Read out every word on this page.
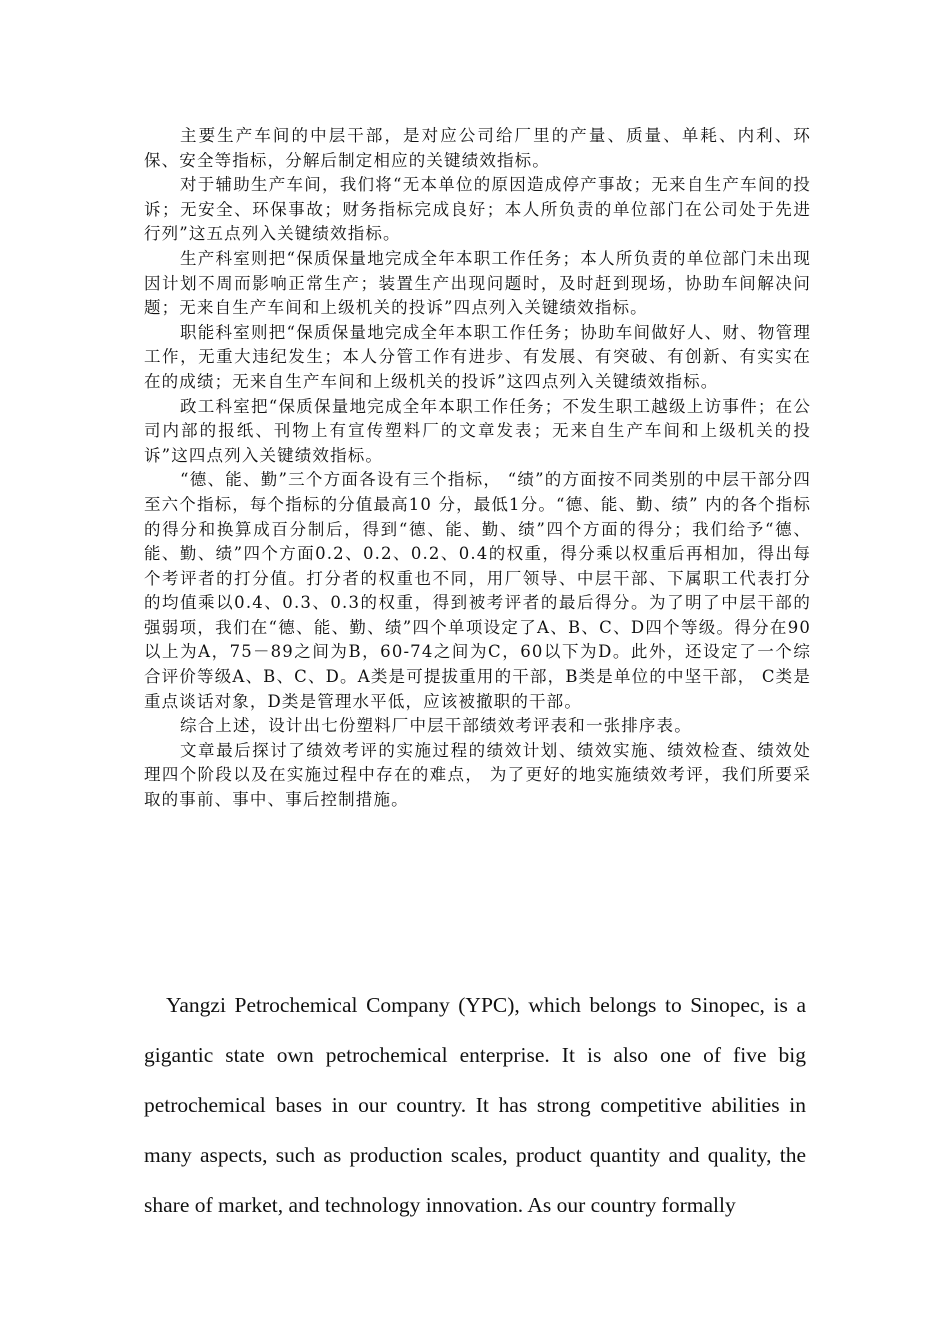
主要生产车间的中层干部，是对应公司给厂里的产量、质量、单耗、内利、环保、安全等指标，分解后制定相应的关键绩效指标。

对于辅助生产车间，我们将“无本单位的原因造成停产事故；无来自生产车间的投诉；无安全、环保事故；财务指标完成良好；本人所负责的单位部门在公司处于先进行列”这五点列入关键绩效指标。

生产科室则把“保质保量地完成全年本职工作任务；本人所负责的单位部门未出现因计划不周而影响正常生产；装置生产出现问题时，及时赶到现场，协助车间解决问题；无来自生产车间和上级机关的投诉”四点列入关键绩效指标。

职能科室则把“保质保量地完成全年本职工作任务；协助车间做好人、财、物管理工作，无重大违纪发生；本人分管工作有进步、有发展、有突破、有创新、有实实在在的成绩；无来自生产车间和上级机关的投诉”这四点列入关键绩效指标。

政工科室把“保质保量地完成全年本职工作任务；不发生职工越级上访事件；在公司内部的报纸、刊物上有宣传塑料厂的文章发表；无来自生产车间和上级机关的投诉”这四点列入关键绩效指标。

“德、能、勤”三个方面各设有三个指标， “绩”的方面按不同类别的中层干部分四至六个指标，每个指标的分值最高10 分，最低1分。“德、能、勤、绩” 内的各个指标的得分和换算成百分制后，得到“德、能、勤、绩”四个方面的得分；我们给予“德、能、勤、绩”四个方面0.2、0.2、0.2、0.4的权重，得分乘以权重后再相加，得出每个考评者的打分值。打分者的权重也不同，用厂领导、中层干部、下属职工代表打分的均值乘以0.4、0.3、0.3的权重，得到被考评者的最后得分。为了明了中层干部的强弱项，我们在“德、能、勤、绩”四个单项设定了A、B、C、D四个等级。得分在90以上为A，75－89之间为B，60-74之间为C，60以下为D。此外，还设定了一个综合评价等级A、B、C、D。A类是可提拔重用的干部，B类是单位的中坚干部， C类是重点谈话对象，D类是管理水平低，应该被撤职的干部。

综合上述，设计出七份塑料厂中层干部绩效考评表和一张排序表。

文章最后探讨了绩效考评的实施过程的绩效计划、绩效实施、绩效检查、绩效处理四个阶段以及在实施过程中存在的难点， 为了更好的地实施绩效考评，我们所要采取的事前、事中、事后控制措施。

Yangzi Petrochemical Company (YPC), which belongs to Sinopec, is a gigantic state own petrochemical enterprise. It is also one of five big petrochemical bases in our country. It has strong competitive abilities in many aspects, such as production scales, product quantity and quality, the share of market, and technology innovation. As our country formally
